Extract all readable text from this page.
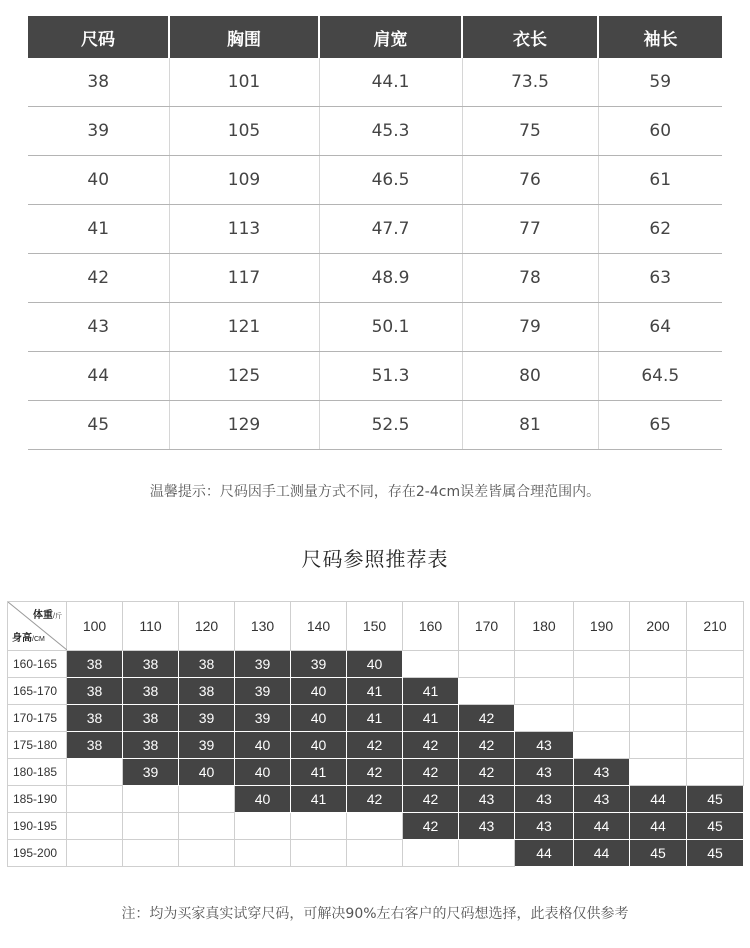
尺码	胸围	肩宽	衣长	袖长
38	101	44.1	73.5	59
39	105	45.3	75	60
40	109	46.5	76	61
41	113	47.7	77	62
42	117	48.9	78	63
43	121	50.1	79	64
44	125	51.3	80	64.5
45	129	52.5	81	65
温馨提示：尺码因手工测量方式不同，存在2-4cm误差皆属合理范围内。
尺码参照推荐表
体重/斤
身高/CM	100	110	120	130	140	150	160	170	180	190	200	210
160-165	38	38	38	39	39	40						
165-170	38	38	38	39	40	41	41					
170-175	38	38	39	39	40	41	41	42				
175-180	38	38	39	40	40	42	42	42	43			
180-185		39	40	40	41	42	42	42	43	43		
185-190				40	41	42	42	43	43	43	44	45
190-195							42	43	43	44	44	45
195-200									44	44	45	45
注：均为买家真实试穿尺码，可解决90%左右客户的尺码想选择，此表格仅供参考
